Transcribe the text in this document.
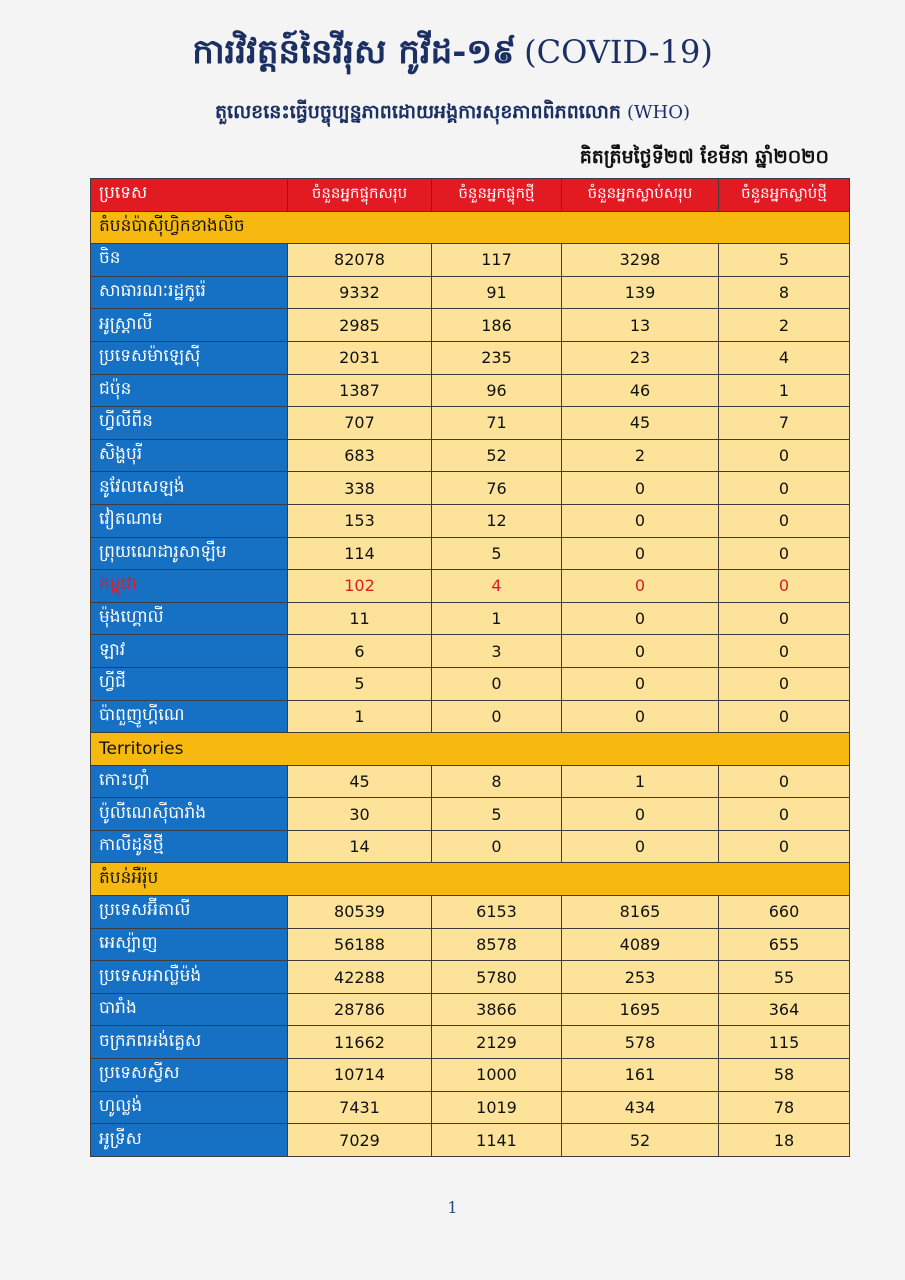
ការវិវត្តន៍នៃវីរុស កូវីដ-១៩ (COVID-19)
តួលេខនេះធ្វើបច្ចុប្បន្នភាពដោយអង្គការសុខភាពពិភពលោក (WHO)
គិតត្រឹមថ្ងៃទី២៧ ខែមីនា ឆ្នាំ២០២០
ប្រទេស	ចំនួនអ្នកផ្ទុកសរុប	ចំនួនអ្នកផ្ទុកថ្មី	ចំនួនអ្នកស្លាប់សរុប	ចំនួនអ្នកស្លាប់ថ្មី
តំបន់ប៉ាស៊ីហ្វិកខាងលិច				
ចិន	82078	117	3298	5
សាធារណៈរដ្ឋកូរ៉េ	9332	91	139	8
អូស្ត្រាលី	2985	186	13	2
ប្រទេសម៉ាឡេស៊ី	2031	235	23	4
ជប៉ុន	1387	96	46	1
ហ្វីលីពីន	707	71	45	7
សិង្ហបុរី	683	52	2	0
នូវែលសេឡង់	338	76	0	0
វៀតណាម	153	12	0	0
ព្រុយណេដារូសាឡឹម	114	5	0	0
កម្ពុជា	102	4	0	0
ម៉ុងហ្គោលី	11	1	0	0
ឡាវ	6	3	0	0
ហ្វីជី	5	0	0	0
ប៉ាពួញូហ្គីណេ	1	0	0	0
Territories				
កោះហ្គាំ	45	8	1	0
ប៉ូលីណេស៊ីបារាំង	30	5	0	0
កាលីដូនីថ្មី	14	0	0	0
តំបន់អឺរ៉ុប				
ប្រទេសអ៊ីតាលី	80539	6153	8165	660
អេស្ប៉ាញ	56188	8578	4089	655
ប្រទេសអាល្លឺម៉ង់	42288	5780	253	55
បារាំង	28786	3866	1695	364
ចក្រភពអង់គ្លេស	11662	2129	578	115
ប្រទេសស្វីស	10714	1000	161	58
ហូល្លង់	7431	1019	434	78
អូទ្រីស	7029	1141	52	18
1
